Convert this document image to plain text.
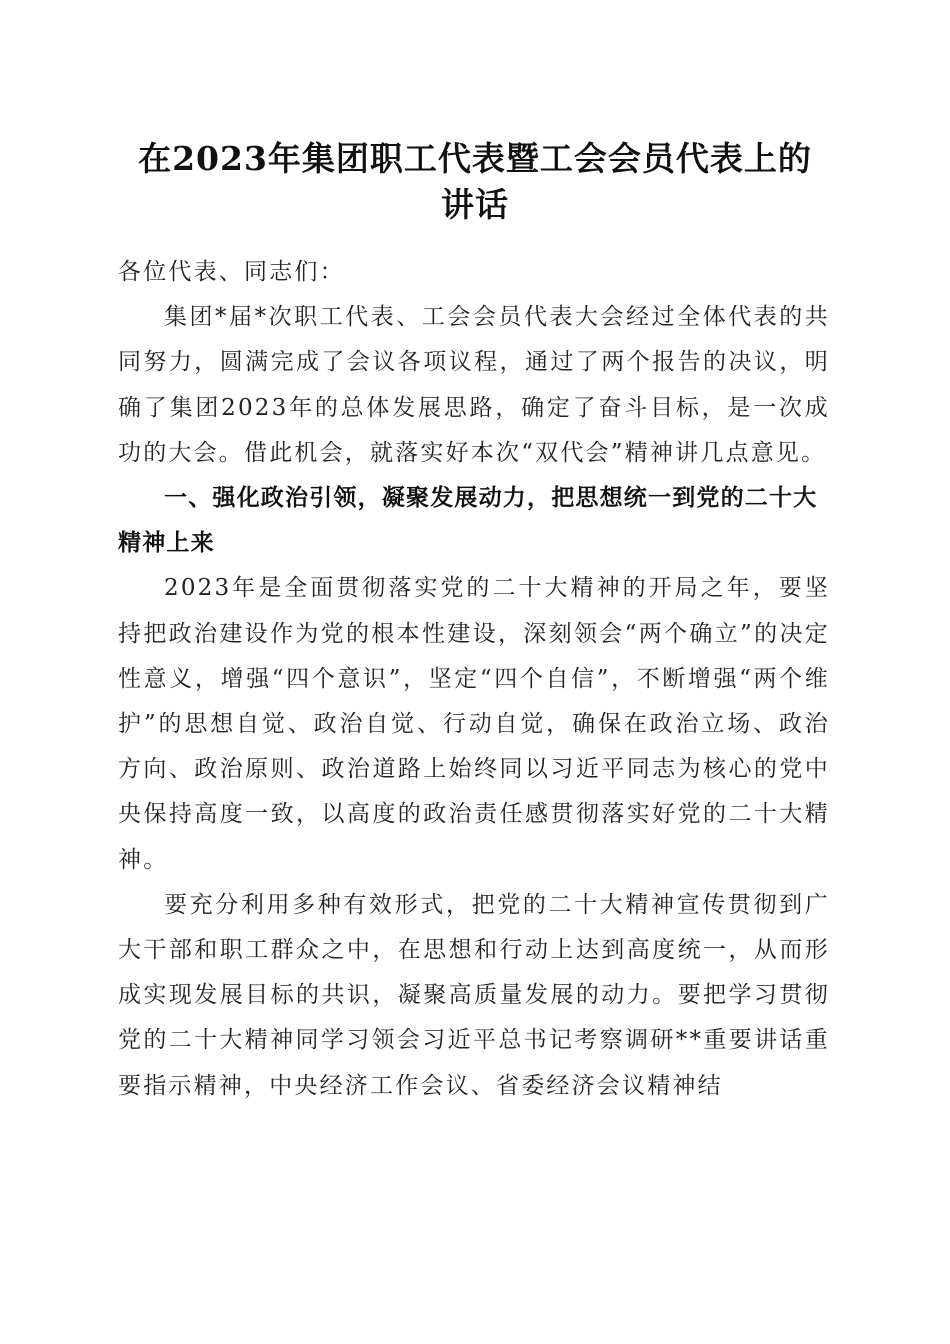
在2023年集团职工代表暨工会会员代表上的
讲话

各位代表、同志们：

集团*届*次职工代表、工会会员代表大会经过全体代表的共同努力，圆满完成了会议各项议程，通过了两个报告的决议，明确了集团2023年的总体发展思路，确定了奋斗目标，是一次成功的大会。借此机会，就落实好本次“双代会”精神讲几点意见。

一、强化政治引领，凝聚发展动力，把思想统一到党的二十大精神上来

2023年是全面贯彻落实党的二十大精神的开局之年，要坚持把政治建设作为党的根本性建设，深刻领会“两个确立”的决定性意义，增强“四个意识”，坚定“四个自信”，不断增强“两个维护”的思想自觉、政治自觉、行动自觉，确保在政治立场、政治方向、政治原则、政治道路上始终同以习近平同志为核心的党中央保持高度一致，以高度的政治责任感贯彻落实好党的二十大精神。

要充分利用多种有效形式，把党的二十大精神宣传贯彻到广大干部和职工群众之中，在思想和行动上达到高度统一，从而形成实现发展目标的共识，凝聚高质量发展的动力。要把学习贯彻党的二十大精神同学习领会习近平总书记考察调研**重要讲话重要指示精神，中央经济工作会议、省委经济会议精神结
